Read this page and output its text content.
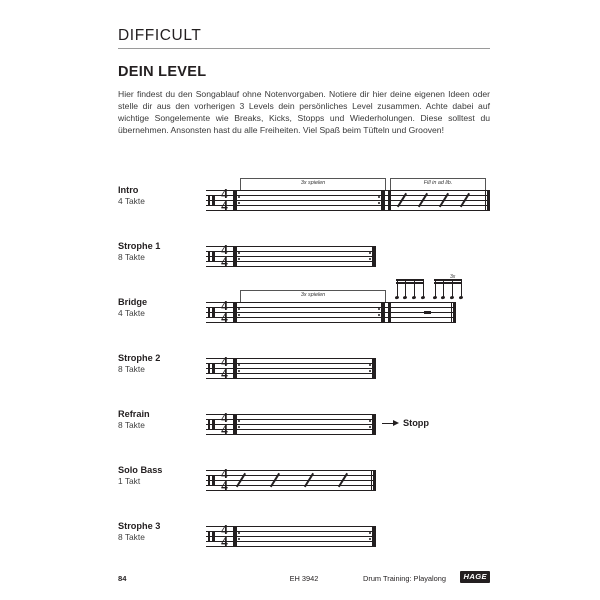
DIFFICULT
DEIN LEVEL
Hier findest du den Songablauf ohne Notenvorgaben. Notiere dir hier deine eigenen Ideen oder stelle dir aus den vorherigen 3 Levels dein persönliches Level zusammen. Achte dabei auf wichtige Songelemente wie Breaks, Kicks, Stopps und Wiederholungen. Diese solltest du übernehmen. Ansonsten hast du alle Freiheiten. Viel Spaß beim Tüfteln und Grooven!
Intro
4 Takte
3x spielen	Fill in ad lib.
4
4
Strophe 1
8 Takte	4
4
Bridge
4 Takte
3x spielen
4
4
3x
Strophe 2
8 Takte	4
4
Refrain
8 Takte	4
4	Stopp
Solo Bass
1 Takt	4
4
Strophe 3
8 Takte	4
4
84	EH 3942	Drum Training: Playalong	HAGE
